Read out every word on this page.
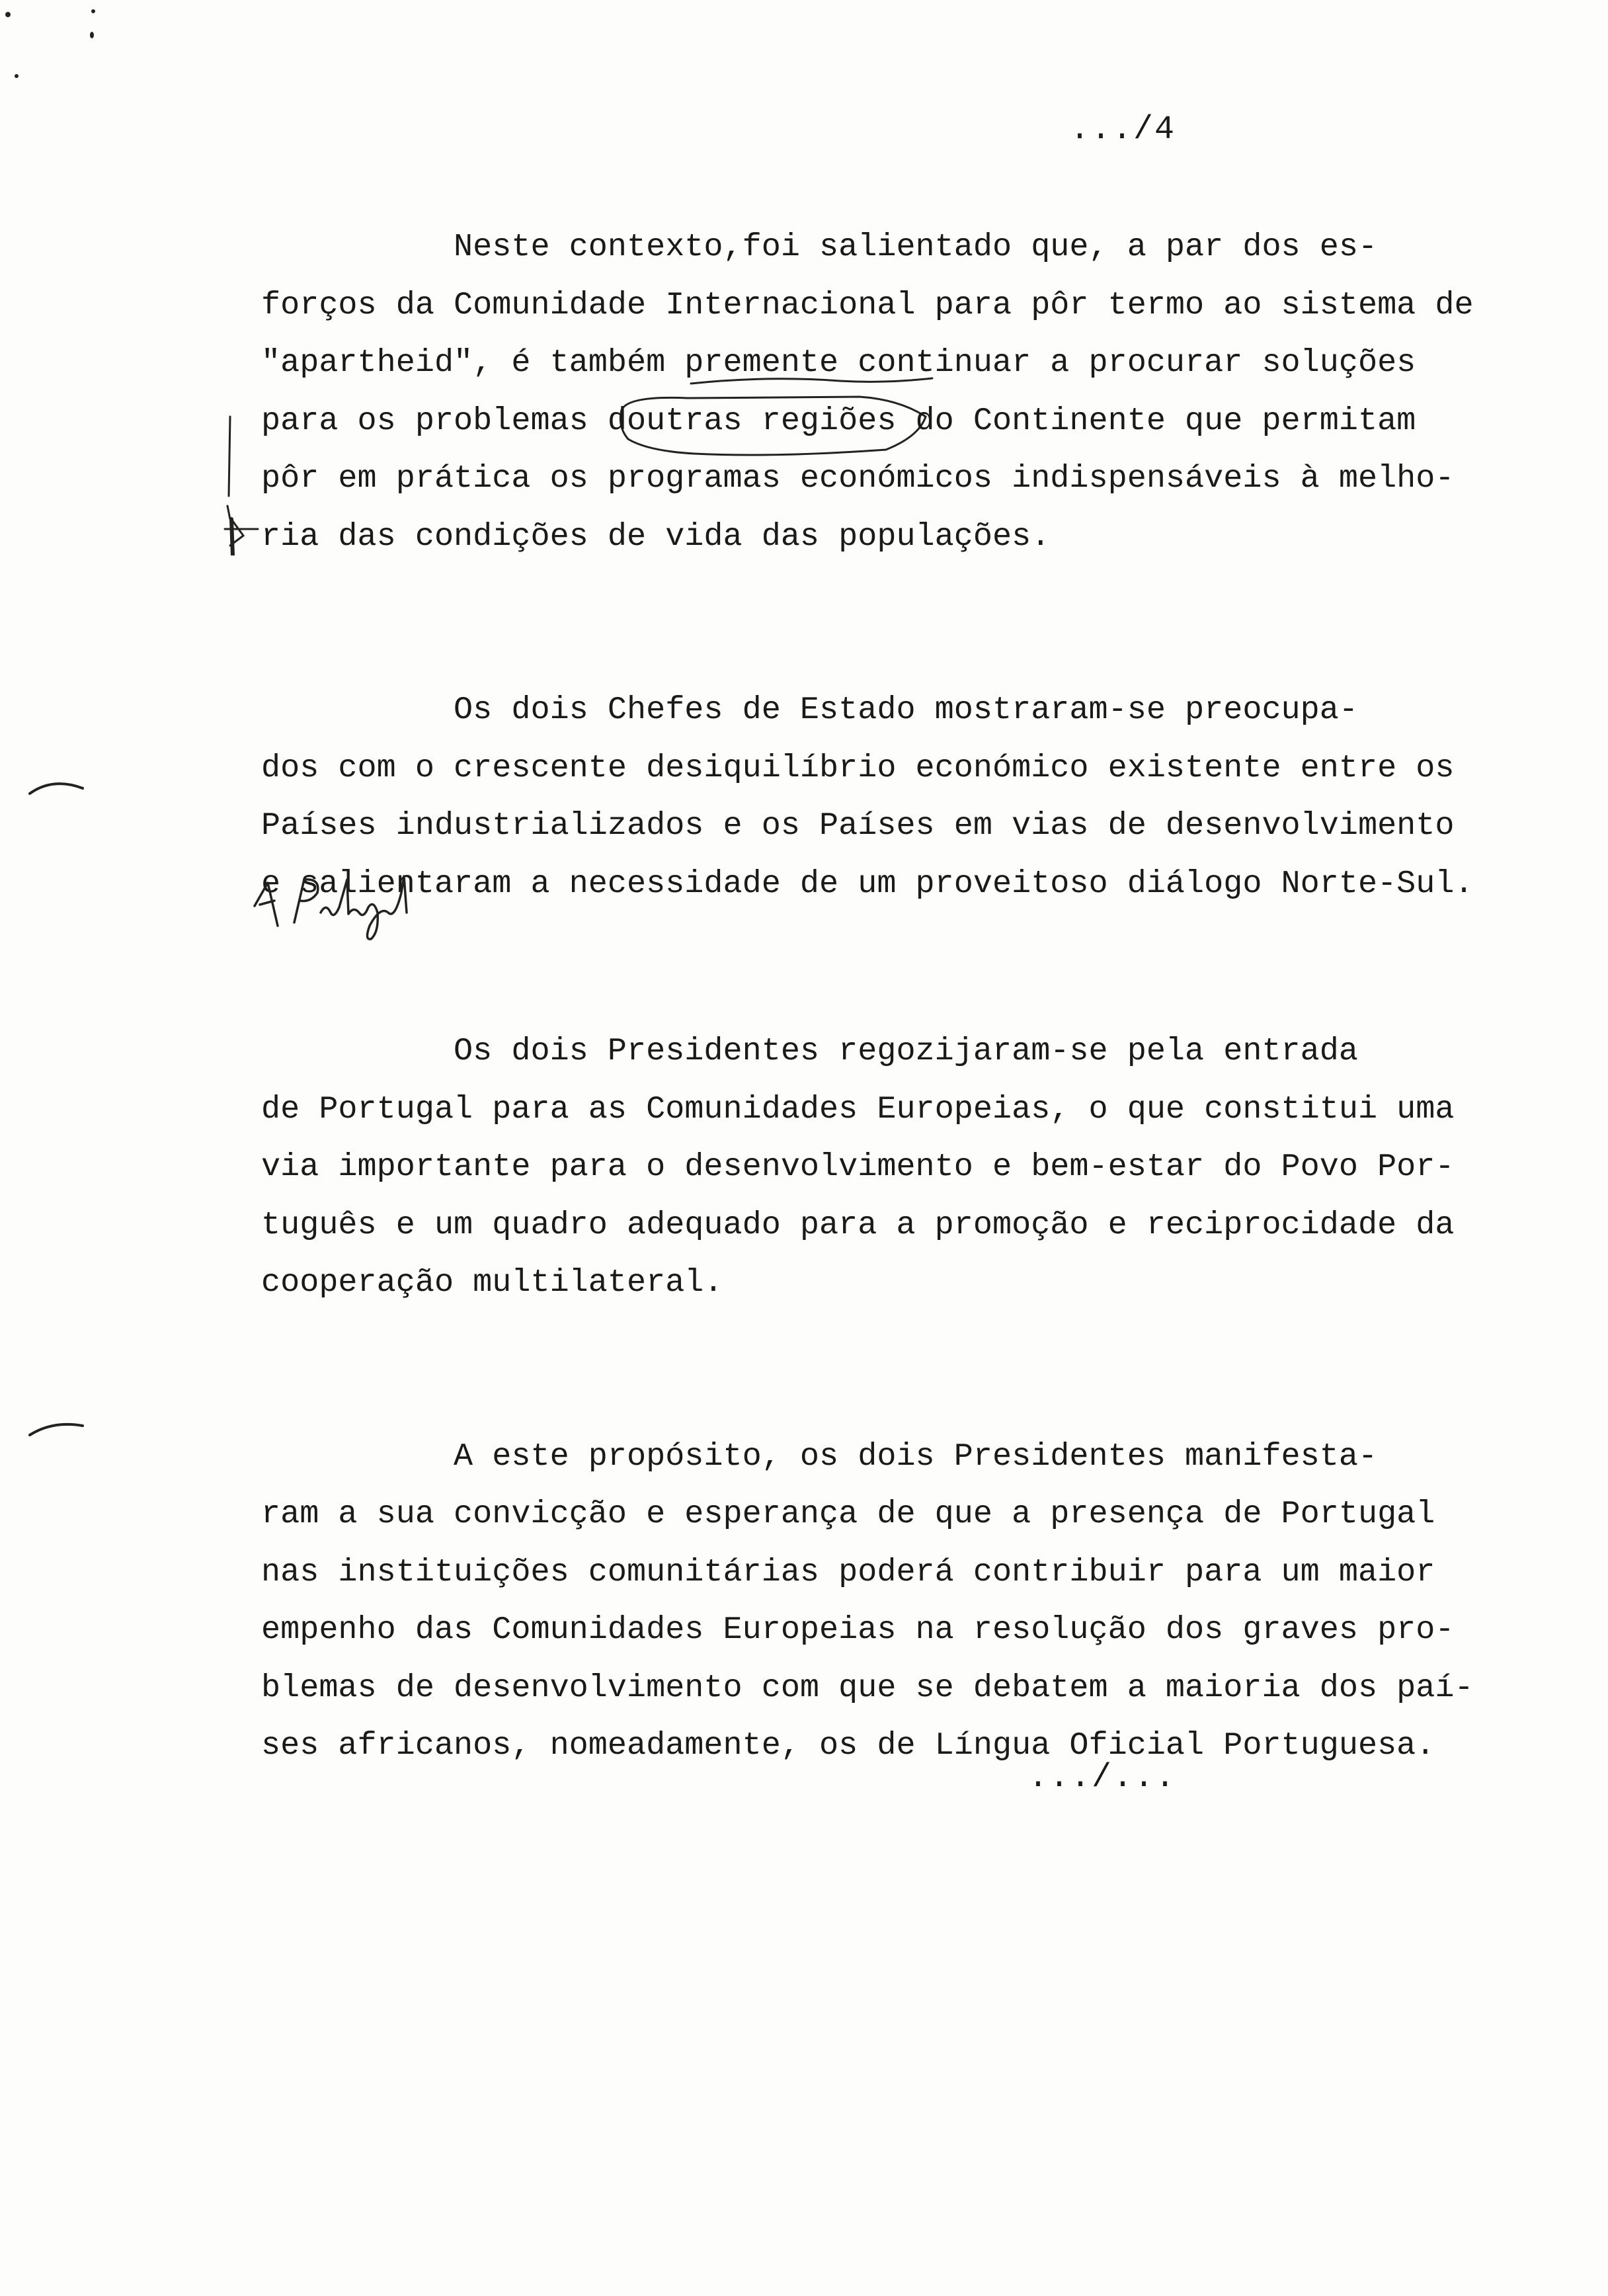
.../4

Neste contexto,foi salientado que, a par dos es-
forços da Comunidade Internacional para pôr termo ao sistema de
"apartheid", é também premente continuar a procurar soluções
para os problemas doutras regiões do Continente que permitam
pôr em prática os programas económicos indispensáveis à melho-
ria das condições de vida das populações.

Os dois Chefes de Estado mostraram-se preocupa-
dos com o crescente desiquilíbrio económico existente entre os
Países industrializados e os Países em vias de desenvolvimento
e salientaram a necessidade de um proveitoso diálogo Norte-Sul.

Os dois Presidentes regozijaram-se pela entrada
de Portugal para as Comunidades Europeias, o que constitui uma
via importante para o desenvolvimento e bem-estar do Povo Por-
tuguês e um quadro adequado para a promoção e reciprocidade da
cooperação multilateral.

A este propósito, os dois Presidentes manifesta-
ram a sua convicção e esperança de que a presença de Portugal
nas instituições comunitárias poderá contribuir para um maior
empenho das Comunidades Europeias na resolução dos graves pro-
blemas de desenvolvimento com que se debatem a maioria dos paí-
ses africanos, nomeadamente, os de Língua Oficial Portuguesa.

.../...
